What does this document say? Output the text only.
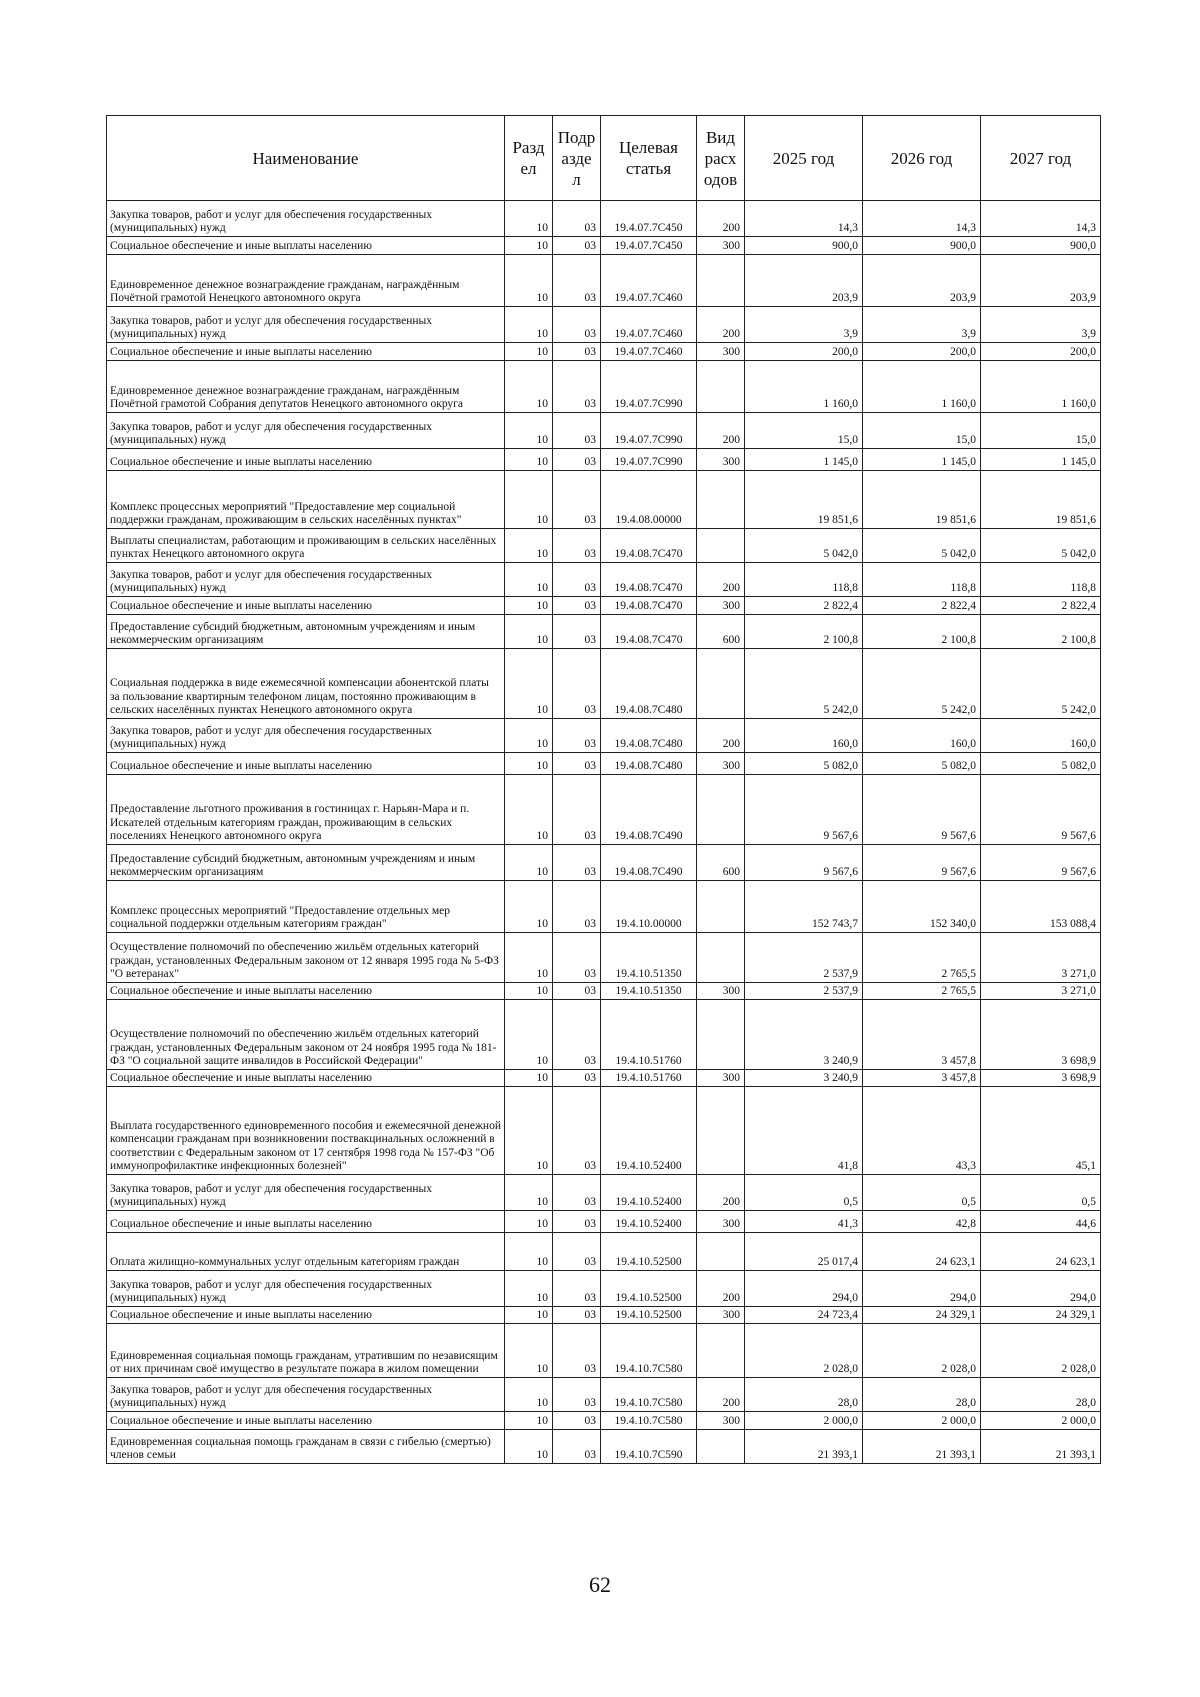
Наименование	Разд ел	Подр азде л	Целевая статья	Вид расх одов	2025 год	2026 год	2027 год
Закупка товаров, работ и услуг для обеспечения государственных (муниципальных) нужд	10	03	19.4.07.7С450	200	14,3	14,3	14,3
Социальное обеспечение и иные выплаты населению	10	03	19.4.07.7С450	300	900,0	900,0	900,0
Единовременное денежное вознаграждение гражданам, награждённым Почётной грамотой Ненецкого автономного округа	10	03	19.4.07.7С460		203,9	203,9	203,9
Закупка товаров, работ и услуг для обеспечения государственных (муниципальных) нужд	10	03	19.4.07.7С460	200	3,9	3,9	3,9
Социальное обеспечение и иные выплаты населению	10	03	19.4.07.7С460	300	200,0	200,0	200,0
Единовременное денежное вознаграждение гражданам, награждённым Почётной грамотой Собрания депутатов Ненецкого автономного округа	10	03	19.4.07.7С990		1 160,0	1 160,0	1 160,0
Закупка товаров, работ и услуг для обеспечения государственных (муниципальных) нужд	10	03	19.4.07.7С990	200	15,0	15,0	15,0
Социальное обеспечение и иные выплаты населению	10	03	19.4.07.7С990	300	1 145,0	1 145,0	1 145,0
Комплекс процессных мероприятий "Предоставление мер социальной поддержки гражданам, проживающим в сельских населённых пунктах"	10	03	19.4.08.00000		19 851,6	19 851,6	19 851,6
Выплаты специалистам, работающим и проживающим в сельских населённых пунктах Ненецкого автономного округа	10	03	19.4.08.7С470		5 042,0	5 042,0	5 042,0
Закупка товаров, работ и услуг для обеспечения государственных (муниципальных) нужд	10	03	19.4.08.7С470	200	118,8	118,8	118,8
Социальное обеспечение и иные выплаты населению	10	03	19.4.08.7С470	300	2 822,4	2 822,4	2 822,4
Предоставление субсидий бюджетным, автономным учреждениям и иным некоммерческим организациям	10	03	19.4.08.7С470	600	2 100,8	2 100,8	2 100,8
Социальная поддержка в виде ежемесячной компенсации абонентской платы за пользование квартирным телефоном лицам, постоянно проживающим в сельских населённых пунктах Ненецкого автономного округа	10	03	19.4.08.7С480		5 242,0	5 242,0	5 242,0
Закупка товаров, работ и услуг для обеспечения государственных (муниципальных) нужд	10	03	19.4.08.7С480	200	160,0	160,0	160,0
Социальное обеспечение и иные выплаты населению	10	03	19.4.08.7С480	300	5 082,0	5 082,0	5 082,0
Предоставление льготного проживания в гостиницах г. Нарьян-Мара и п. Искателей отдельным категориям граждан, проживающим в сельских поселениях Ненецкого автономного округа	10	03	19.4.08.7С490		9 567,6	9 567,6	9 567,6
Предоставление субсидий бюджетным, автономным учреждениям и иным некоммерческим организациям	10	03	19.4.08.7С490	600	9 567,6	9 567,6	9 567,6
Комплекс процессных мероприятий "Предоставление отдельных мер социальной поддержки отдельным категориям граждан"	10	03	19.4.10.00000		152 743,7	152 340,0	153 088,4
Осуществление полномочий по обеспечению жильём отдельных категорий граждан, установленных Федеральным законом от 12 января 1995 года № 5-ФЗ "О ветеранах"	10	03	19.4.10.51350		2 537,9	2 765,5	3 271,0
Социальное обеспечение и иные выплаты населению	10	03	19.4.10.51350	300	2 537,9	2 765,5	3 271,0
Осуществление полномочий по обеспечению жильём отдельных категорий граждан, установленных Федеральным законом от 24 ноября 1995 года № 181-ФЗ "О социальной защите инвалидов в Российской Федерации"	10	03	19.4.10.51760		3 240,9	3 457,8	3 698,9
Социальное обеспечение и иные выплаты населению	10	03	19.4.10.51760	300	3 240,9	3 457,8	3 698,9
Выплата государственного единовременного пособия и ежемесячной денежной компенсации гражданам при возникновении поствакцинальных осложнений в соответствии с Федеральным законом от 17 сентября 1998 года № 157-ФЗ "Об иммунопрофилактике инфекционных болезней"	10	03	19.4.10.52400		41,8	43,3	45,1
Закупка товаров, работ и услуг для обеспечения государственных (муниципальных) нужд	10	03	19.4.10.52400	200	0,5	0,5	0,5
Социальное обеспечение и иные выплаты населению	10	03	19.4.10.52400	300	41,3	42,8	44,6
Оплата жилищно-коммунальных услуг отдельным категориям граждан	10	03	19.4.10.52500		25 017,4	24 623,1	24 623,1
Закупка товаров, работ и услуг для обеспечения государственных (муниципальных) нужд	10	03	19.4.10.52500	200	294,0	294,0	294,0
Социальное обеспечение и иные выплаты населению	10	03	19.4.10.52500	300	24 723,4	24 329,1	24 329,1
Единовременная социальная помощь гражданам, утратившим по независящим от них причинам своё имущество в результате пожара в жилом помещении	10	03	19.4.10.7С580		2 028,0	2 028,0	2 028,0
Закупка товаров, работ и услуг для обеспечения государственных (муниципальных) нужд	10	03	19.4.10.7С580	200	28,0	28,0	28,0
Социальное обеспечение и иные выплаты населению	10	03	19.4.10.7С580	300	2 000,0	2 000,0	2 000,0
Единовременная социальная помощь гражданам в связи с гибелью (смертью) членов семьи	10	03	19.4.10.7С590		21 393,1	21 393,1	21 393,1
62
